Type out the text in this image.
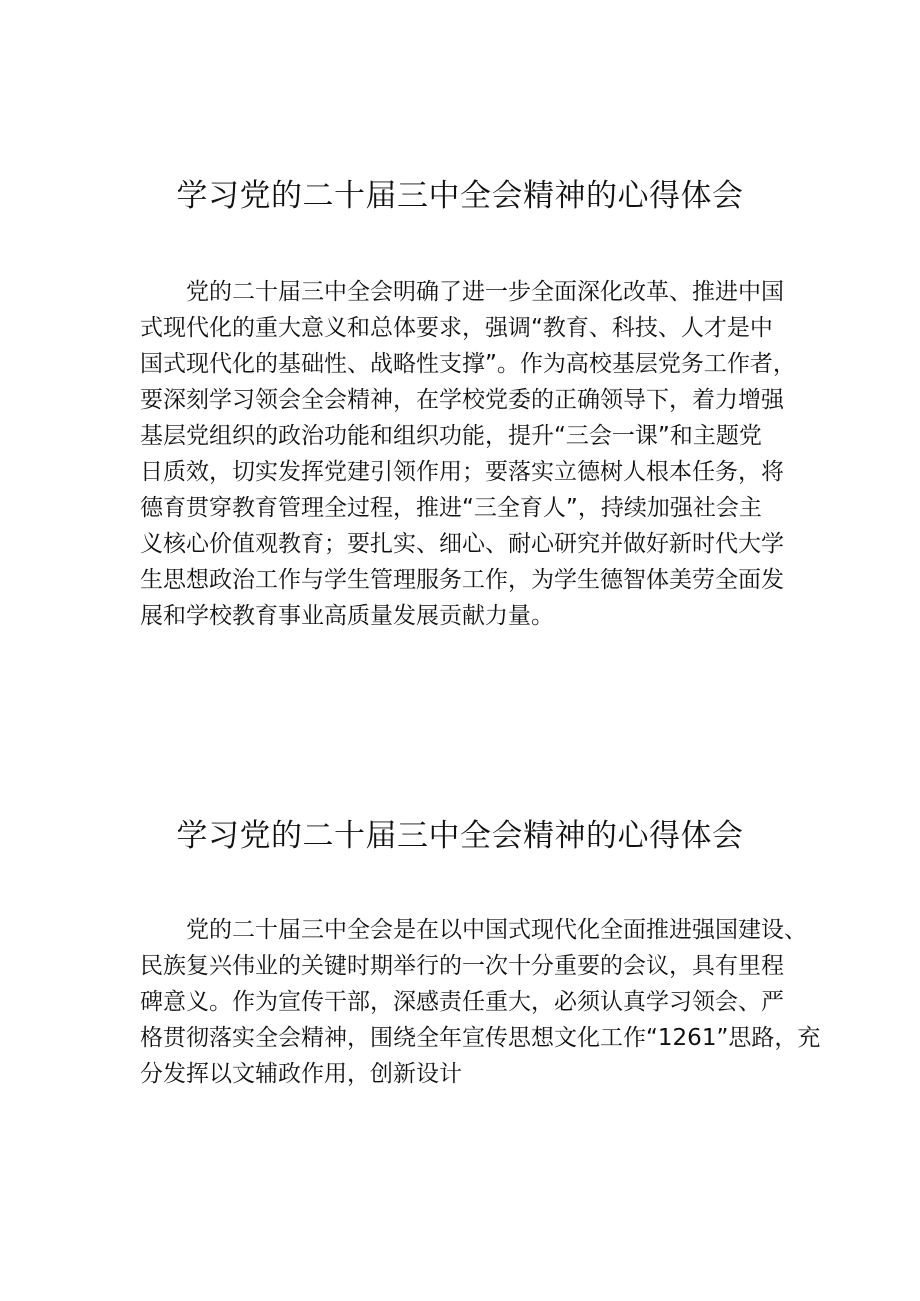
学习党的二十届三中全会精神的心得体会

　　党的二十届三中全会明确了进一步全面深化改革、推进中国

式现代化的重大意义和总体要求，强调“教育、科技、人才是中

国式现代化的基础性、战略性支撑”。作为高校基层党务工作者，

要深刻学习领会全会精神，在学校党委的正确领导下，着力增强

基层党组织的政治功能和组织功能，提升“三会一课”和主题党

日质效，切实发挥党建引领作用；要落实立德树人根本任务，将

德育贯穿教育管理全过程，推进“三全育人”，持续加强社会主

义核心价值观教育；要扎实、细心、耐心研究并做好新时代大学

生思想政治工作与学生管理服务工作，为学生德智体美劳全面发

展和学校教育事业高质量发展贡献力量。

学习党的二十届三中全会精神的心得体会

　　党的二十届三中全会是在以中国式现代化全面推进强国建设、

民族复兴伟业的关键时期举行的一次十分重要的会议，具有里程

碑意义。作为宣传干部，深感责任重大，必须认真学习领会、严

格贯彻落实全会精神，围绕全年宣传思想文化工作“1261”思路，充

分发挥以文辅政作用，创新设计
